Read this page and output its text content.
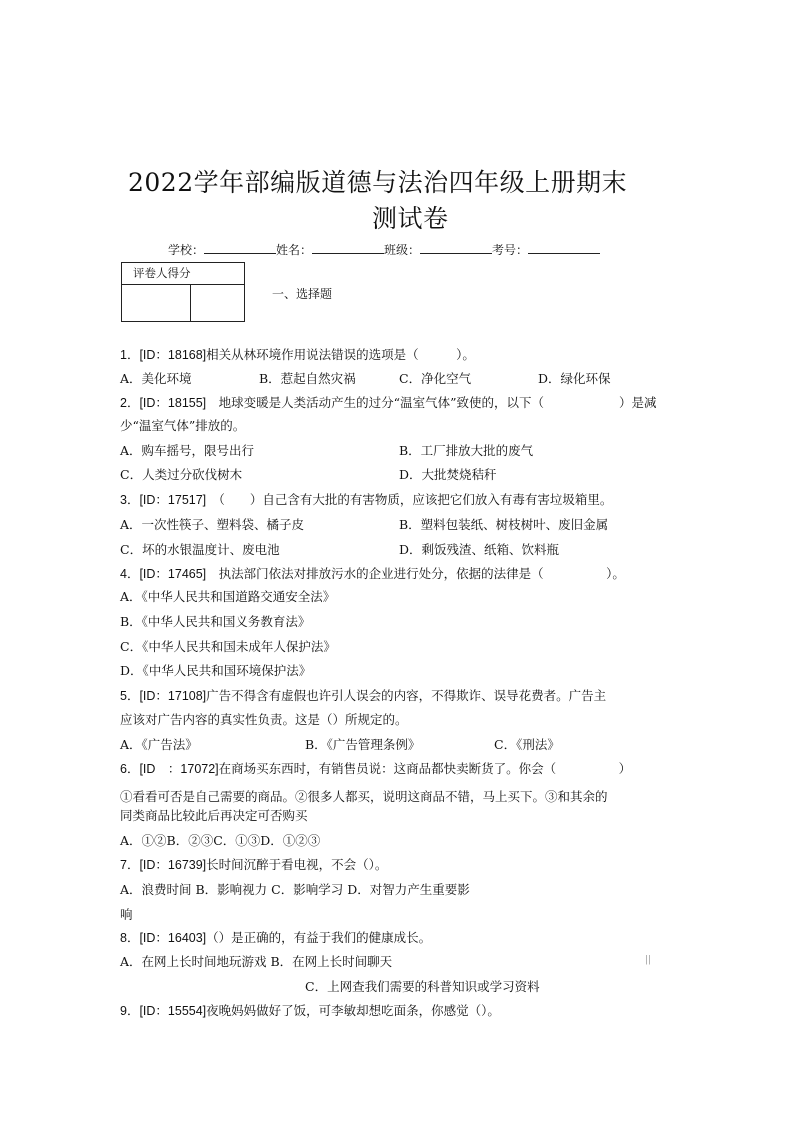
2022学年部编版道德与法治四年级上册期末
测试卷
学校：	姓名：	班级：	考号：
评卷人得分
一、选择题
1．[ID：18168]相关从林环境作用说法错误的选项是（　　　）。
A．美化环境	B．惹起自然灾祸	C．净化空气	D．绿化环保
2．[ID：18155]　地球变暖是人类活动产生的过分“温室气体”致使的，以下（　　　　　　）是减
少“温室气体”排放的。
A．购车摇号，限号出行	B．工厂排放大批的废气
C．人类过分砍伐树木	D．大批焚烧秸秆
3．[ID：17517]　（　　）自己含有大批的有害物质，应该把它们放入有毒有害垃圾箱里。
A．一次性筷子、塑料袋、橘子皮	B．塑料包装纸、树枝树叶、废旧金属
C．坏的水银温度计、废电池	D．剩饭残渣、纸箱、饮料瓶
4．[ID：17465]　执法部门依法对排放污水的企业进行处分，依据的法律是（　　　　　）。
A．《中华人民共和国道路交通安全法》
B．《中华人民共和国义务教育法》
C．《中华人民共和国未成年人保护法》
D．《中华人民共和国环境保护法》
5．[ID：17108]广告不得含有虚假也许引人误会的内容，不得欺诈、误导花费者。广告主
应该对广告内容的真实性负责。这是（）所规定的。
A．《广告法》	B．《广告管理条例》	C．《刑法》
6．[ID　：17072]在商场买东西时，有销售员说：这商品都快卖断货了。你会（　　　　　）
①看看可否是自己需要的商品。②很多人都买，说明这商品不错，马上买下。③和其余的
同类商品比较此后再决定可否购买
A．①②B．②③C．①③D．①②③
7．[ID：16739]长时间沉醉于看电视，不会（）。
A．浪费时间 B．影响视力 C．影响学习 D．对智力产生重要影
响
8．[ID：16403]（）是正确的，有益于我们的健康成长。
A．在网上长时间地玩游戏 B．在网上长时间聊天	||
C．上网查我们需要的科普知识或学习资料
9．[ID：15554]夜晚妈妈做好了饭，可李敏却想吃面条，你感觉（）。
